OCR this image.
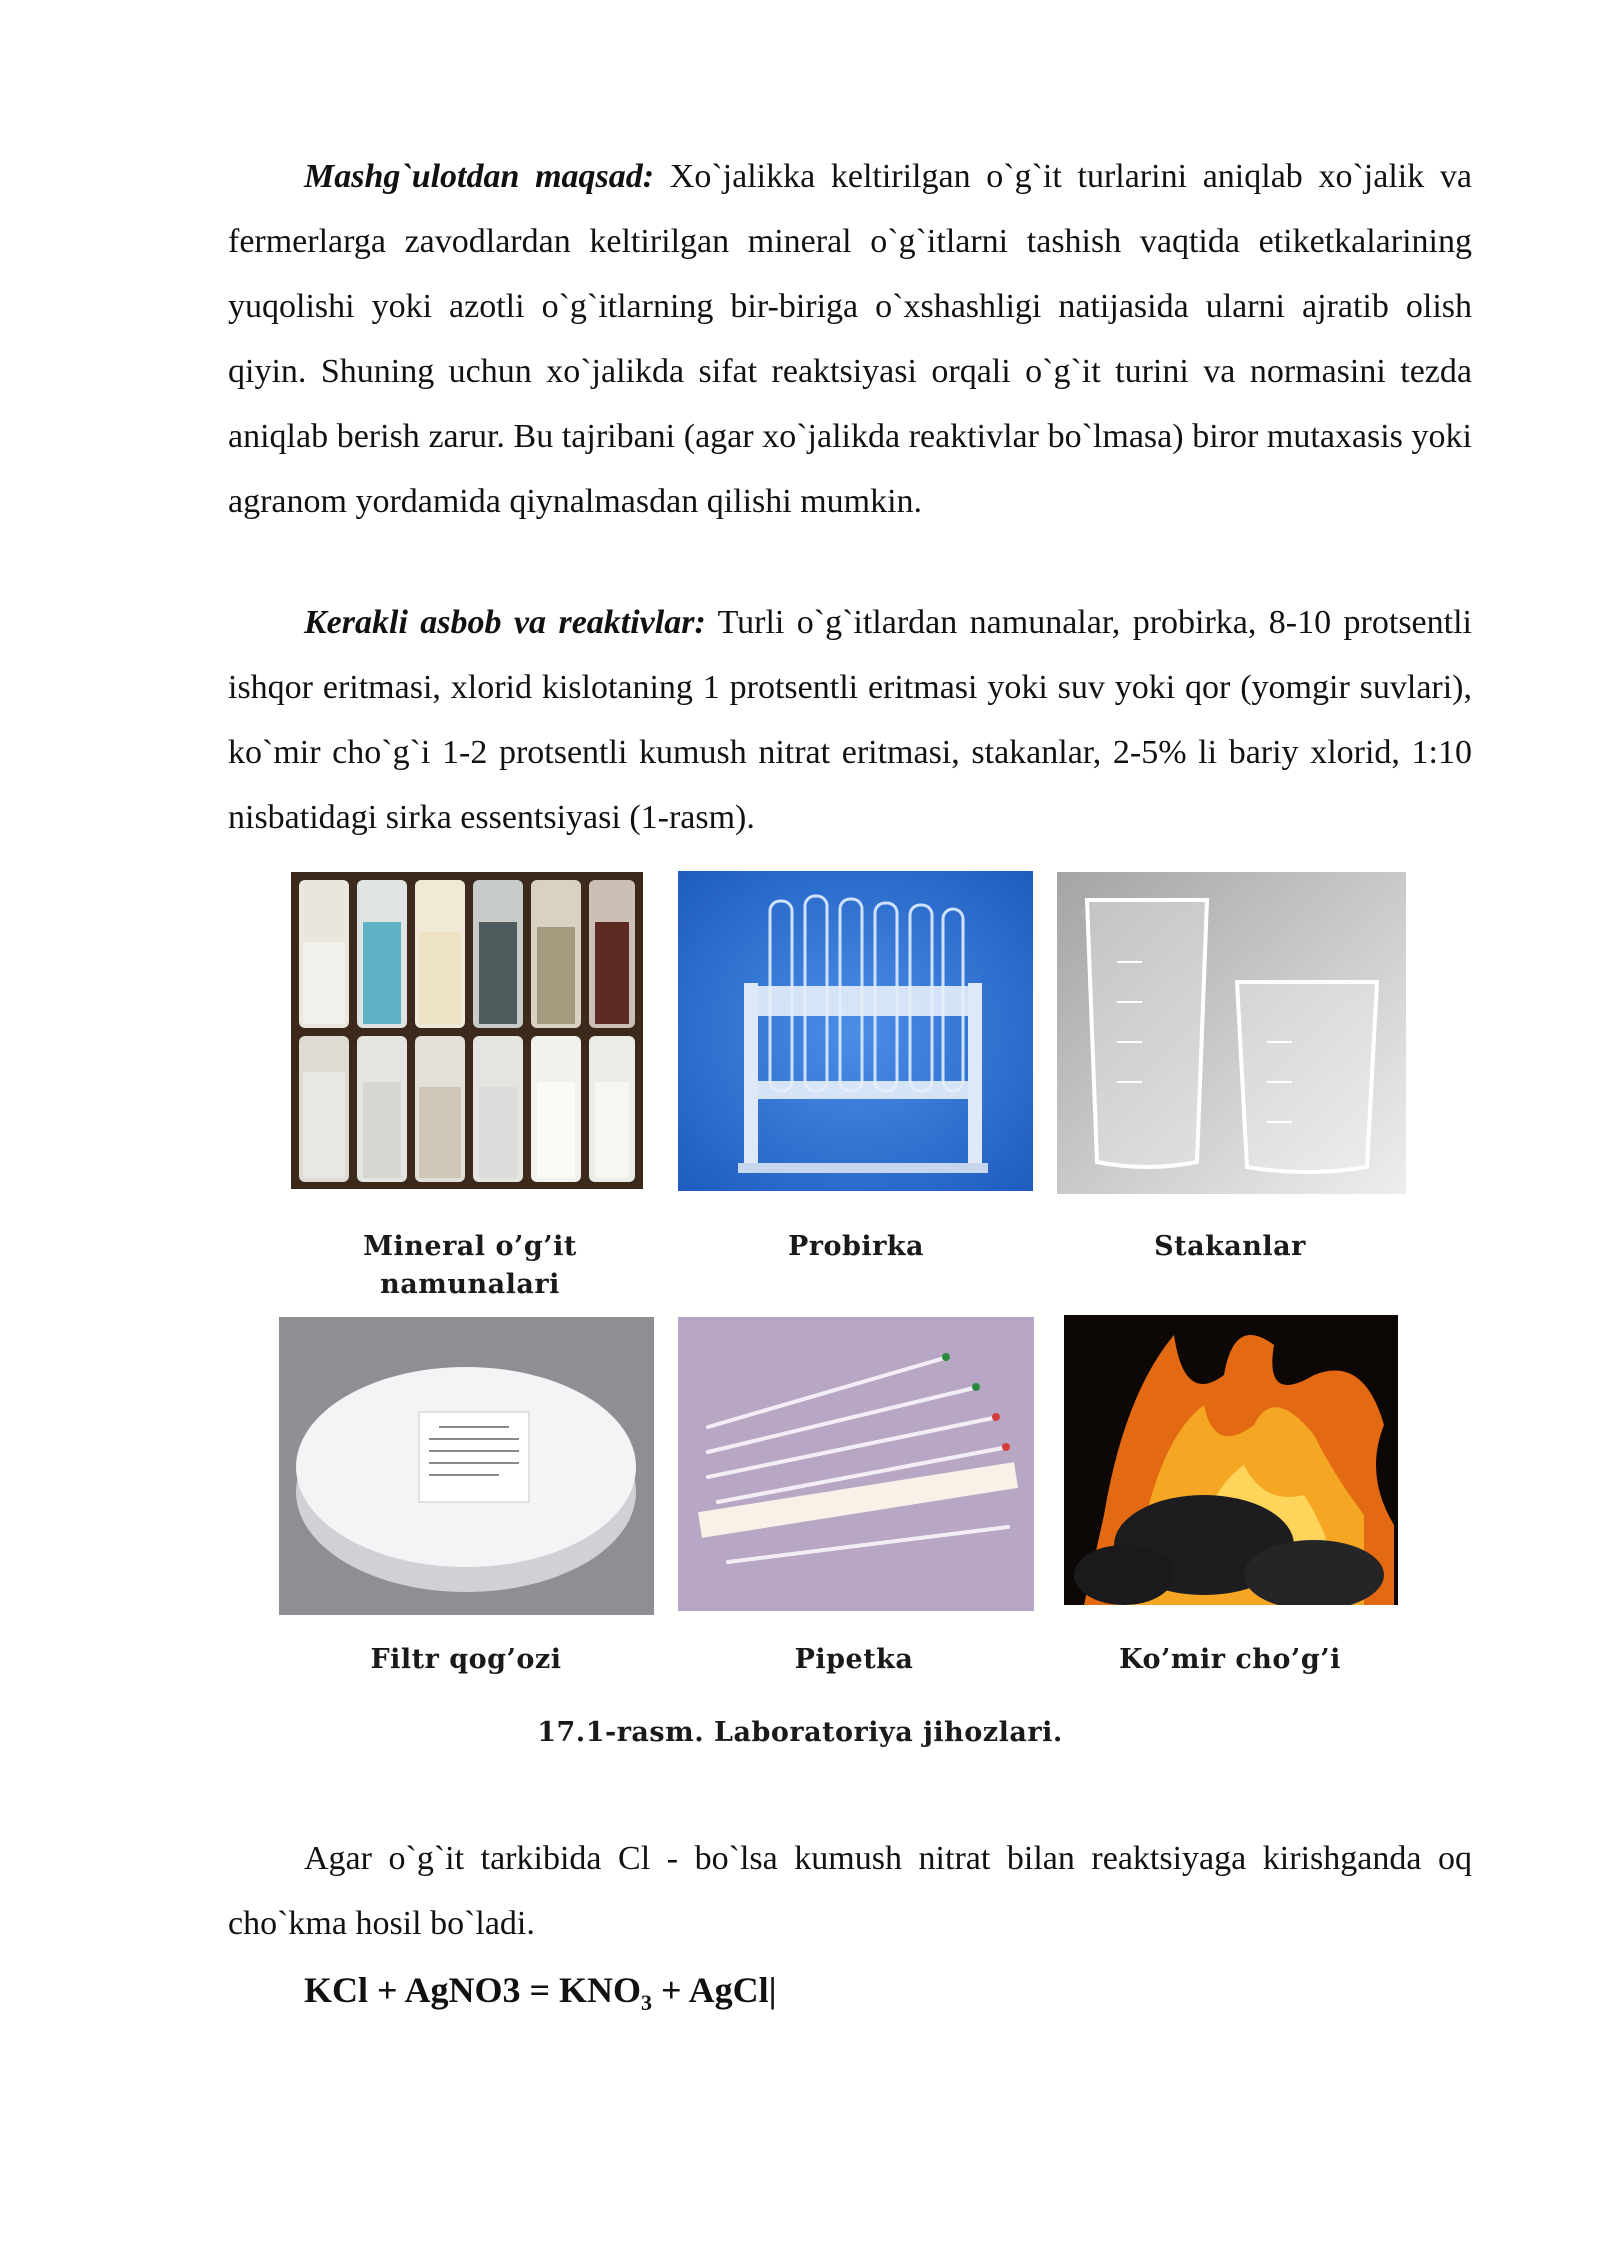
Mashg`ulotdan maqsad: Xo`jalikka keltirilgan o`g`it turlarini aniqlab xo`jalik va fermerlarga zavodlardan keltirilgan mineral o`g`itlarni tashish vaqtida etiketkalarining yuqolishi yoki azotli o`g`itlarning bir-biriga o`xshashligi natijasida ularni ajratib olish qiyin. Shuning uchun xo`jalikda sifat reaktsiyasi orqali o`g`it turini va normasini tezda aniqlab berish zarur. Bu tajribani (agar xo`jalikda reaktivlar bo`lmasa) biror mutaxasis yoki agranom yordamida qiynalmasdan qilishi mumkin.

Kerakli asbob va reaktivlar: Turli o`g`itlardan namunalar, probirka, 8-10 protsentli ishqor eritmasi, xlorid kislotaning 1 protsentli eritmasi yoki suv yoki qor (yomgir suvlari), ko`mir cho`g`i 1-2 protsentli kumush nitrat eritmasi, stakanlar, 2-5% li bariy xlorid, 1:10 nisbatidagi sirka essentsiyasi (1-rasm).

Mineral o’g’it
namunalari
Probirka	Stakanlar
Filtr qog’ozi	Pipetka	Ko’mir cho’g’i
17.1-rasm. Laboratoriya jihozlari.

Agar o`g`it tarkibida Cl - bo`lsa kumush nitrat bilan reaktsiyaga kirishganda oq cho`kma hosil bo`ladi.

KCl + AgNO3 = $KNO_3$ + AgCl|
